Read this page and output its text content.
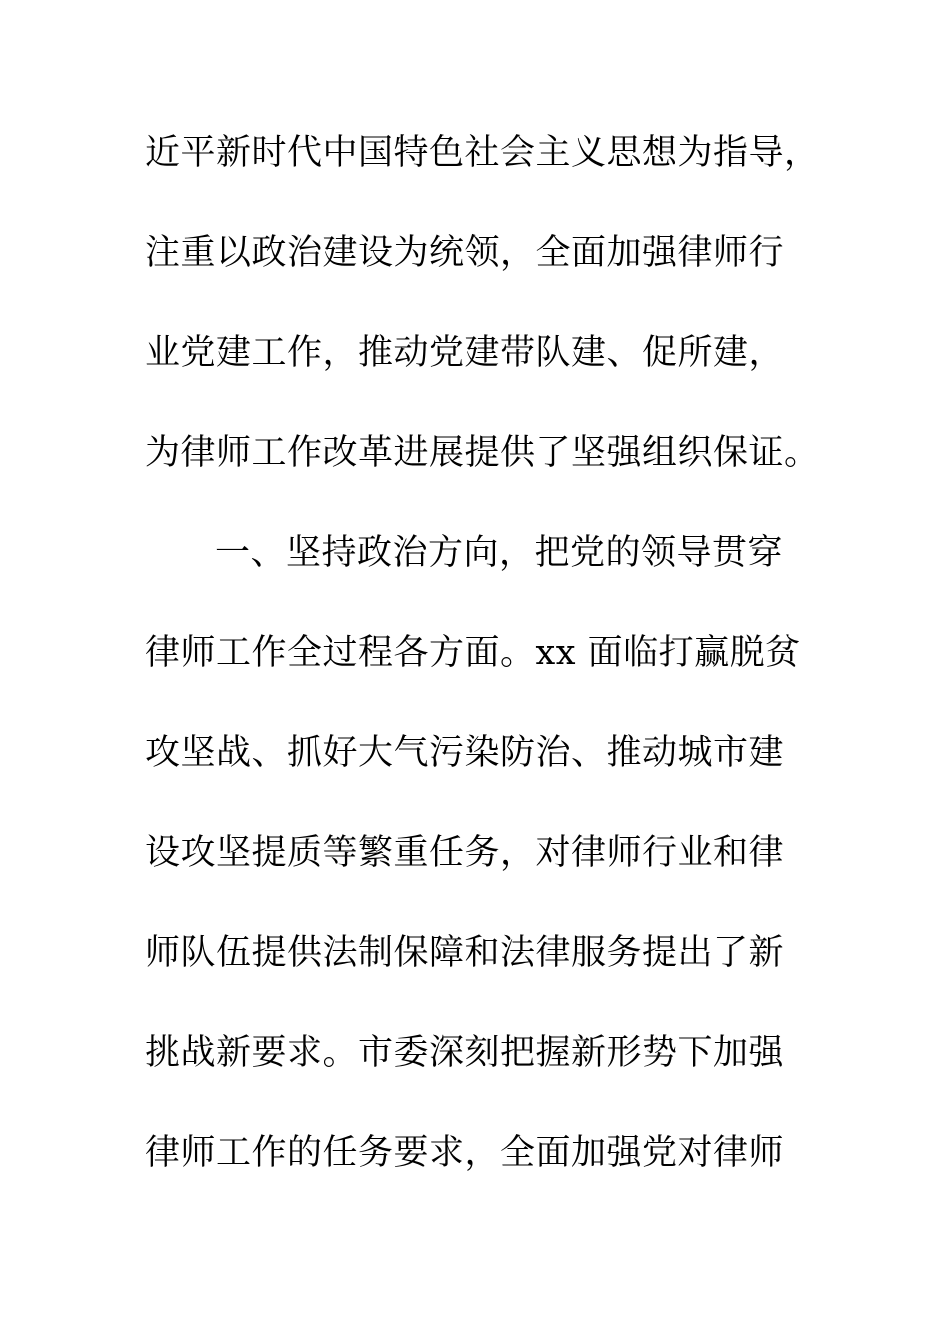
近平新时代中国特色社会主义思想为指导，
注重以政治建设为统领，全面加强律师行
业党建工作，推动党建带队建、促所建，
为律师工作改革进展提供了坚强组织保证。
一、坚持政治方向，把党的领导贯穿
律师工作全过程各方面。xx 面临打赢脱贫
攻坚战、抓好大气污染防治、推动城市建
设攻坚提质等繁重任务，对律师行业和律
师队伍提供法制保障和法律服务提出了新
挑战新要求。市委深刻把握新形势下加强
律师工作的任务要求，全面加强党对律师
